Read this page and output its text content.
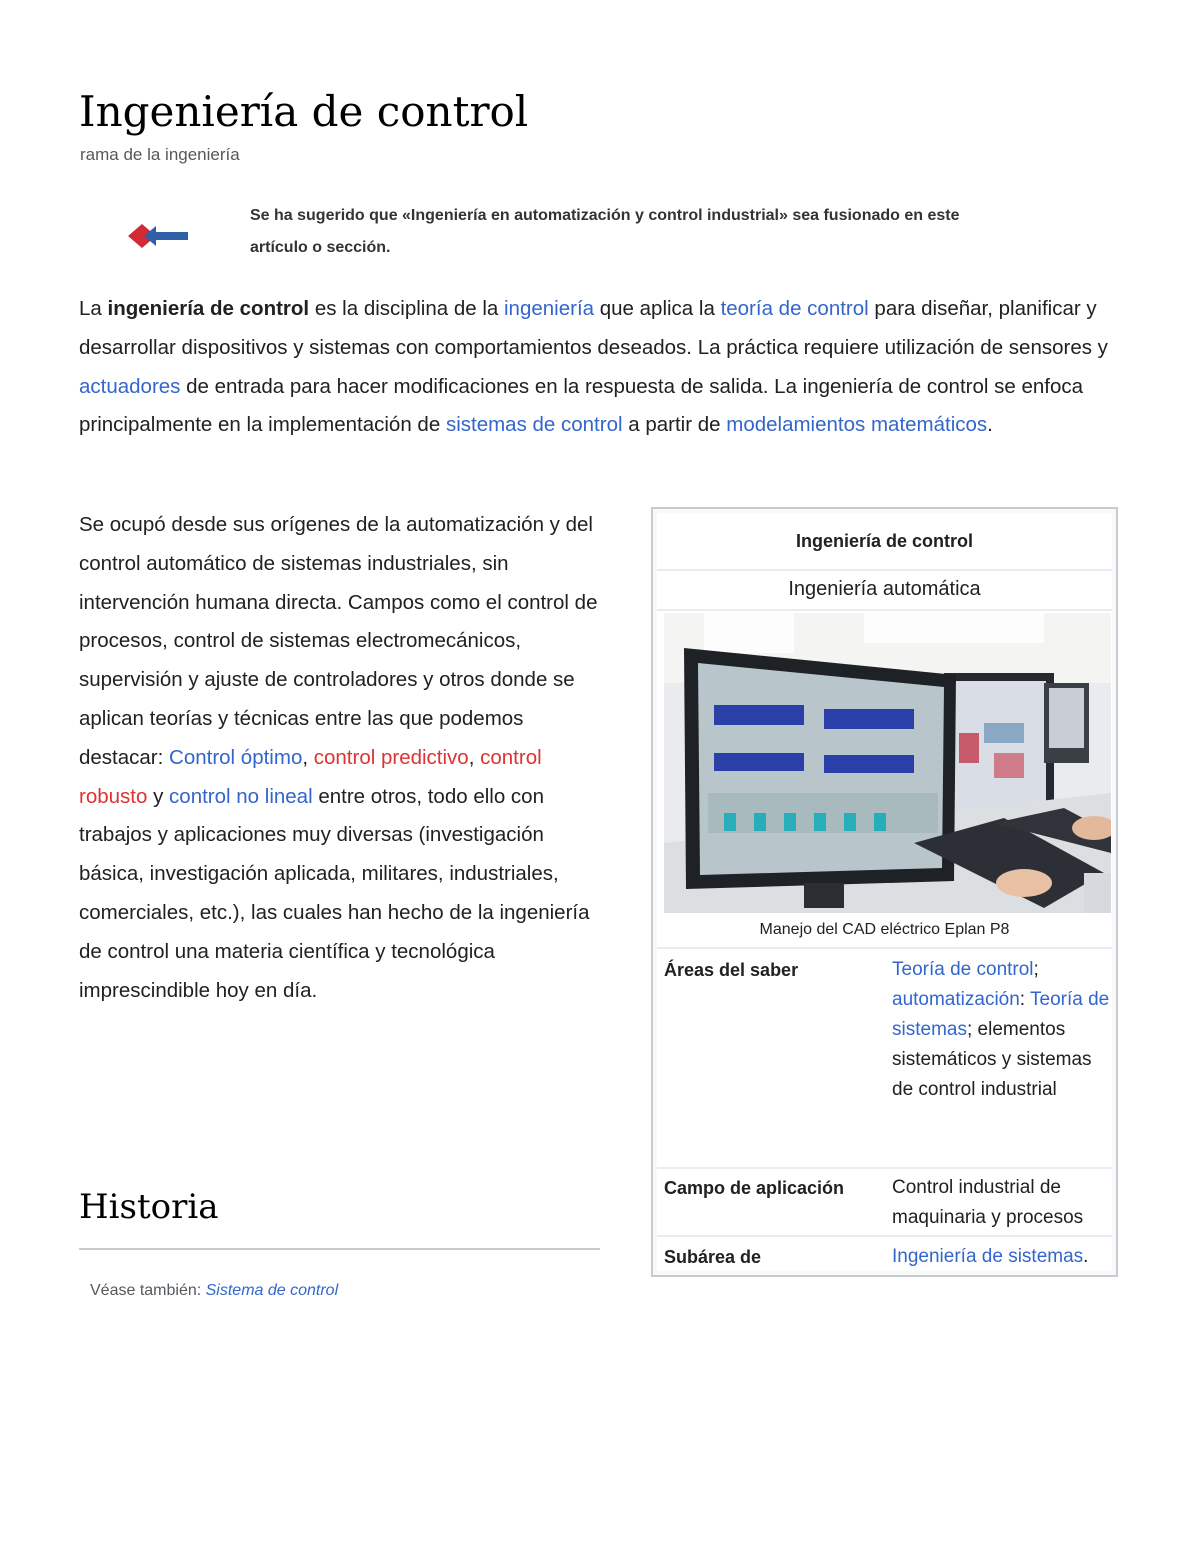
Ingeniería de control
rama de la ingeniería
Se ha sugerido que «Ingeniería en automatización y control industrial» sea fusionado en este
artículo o sección.

La ingeniería de control es la disciplina de la ingeniería que aplica la teoría de control para diseñar, planificar y desarrollar dispositivos y sistemas con comportamientos deseados. La práctica requiere utilización de sensores y actuadores de entrada para hacer modificaciones en la respuesta de salida. La ingeniería de control se enfoca principalmente en la implementación de sistemas de control a partir de modelamientos matemáticos.

Se ocupó desde sus orígenes de la automatización y del control automático de sistemas industriales, sin intervención humana directa. Campos como el control de procesos, control de sistemas electromecánicos, supervisión y ajuste de controladores y otros donde se aplican teorías y técnicas entre las que podemos destacar: Control óptimo, control predictivo, control robusto y control no lineal entre otros, todo ello con trabajos y aplicaciones muy diversas (investigación básica, investigación aplicada, militares, industriales, comerciales, etc.), las cuales han hecho de la ingeniería de control una materia científica y tecnológica imprescindible hoy en día.

Historia
Véase también: Sistema de control
Ingeniería de control
Ingeniería automática
Manejo del CAD eléctrico Eplan P8
Áreas del saber	Teoría de control; automatización: Teoría de sistemas; elementos sistemáticos y sistemas de control industrial
Campo de aplicación	Control industrial de maquinaria y procesos
Subárea de	Ingeniería de sistemas.
